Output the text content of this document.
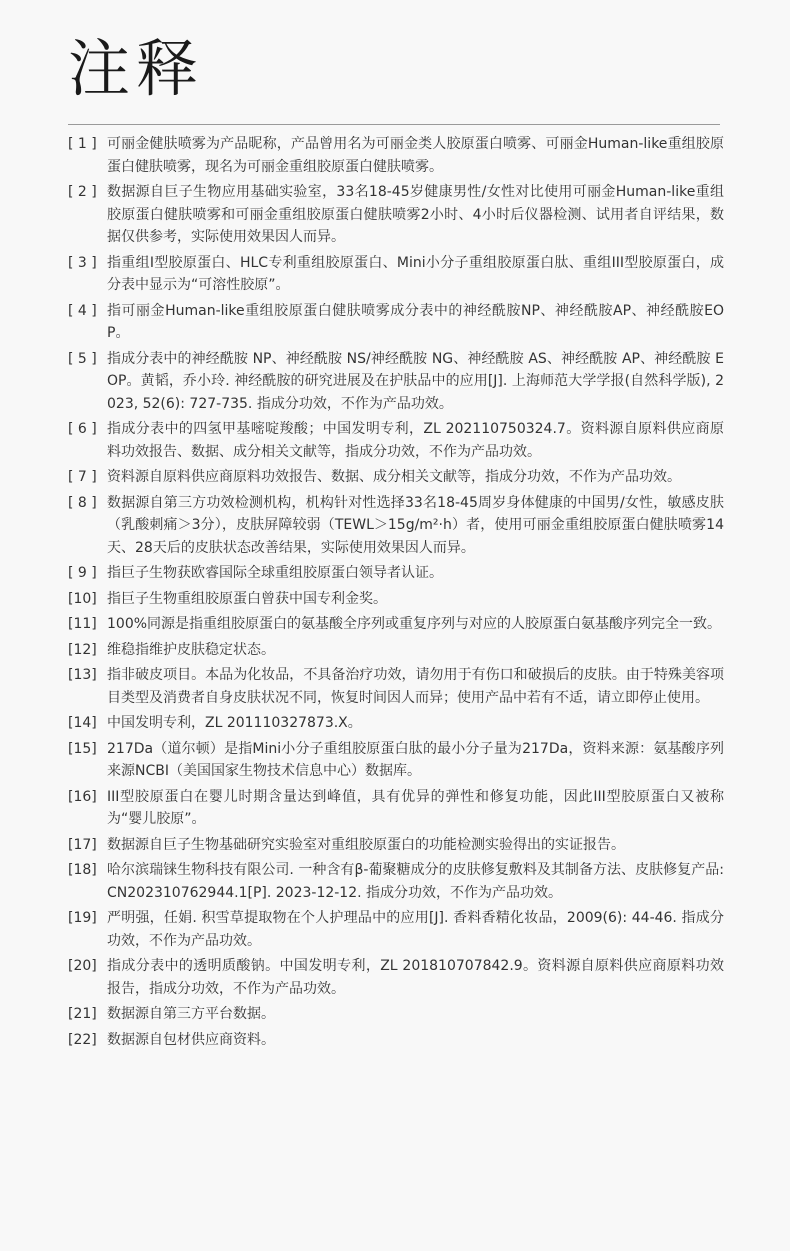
注释
[ 1 ] 可丽金健肤喷雾为产品昵称，产品曾用名为可丽金类人胶原蛋白喷雾、可丽金Human-like重组胶原蛋白健肤喷雾，现名为可丽金重组胶原蛋白健肤喷雾。
[ 2 ] 数据源自巨子生物应用基础实验室，33名18-45岁健康男性/女性对比使用可丽金Human-like重组胶原蛋白健肤喷雾和可丽金重组胶原蛋白健肤喷雾2小时、4小时后仪器检测、试用者自评结果，数据仅供参考，实际使用效果因人而异。
[ 3 ] 指重组I型胶原蛋白、HLC专利重组胶原蛋白、Mini小分子重组胶原蛋白肽、重组III型胶原蛋白，成分表中显示为“可溶性胶原”。
[ 4 ] 指可丽金Human-like重组胶原蛋白健肤喷雾成分表中的神经酰胺NP、神经酰胺AP、神经酰胺EOP。
[ 5 ] 指成分表中的神经酰胺 NP、神经酰胺 NS/神经酰胺 NG、神经酰胺 AS、神经酰胺 AP、神经酰胺 EOP。黄韬，乔小玲. 神经酰胺的研究进展及在护肤品中的应用[J]. 上海师范大学学报(自然科学版), 2023, 52(6): 727-735. 指成分功效，不作为产品功效。
[ 6 ] 指成分表中的四氢甲基嘧啶羧酸；中国发明专利，ZL 202110750324.7。资料源自原料供应商原料功效报告、数据、成分相关文献等，指成分功效，不作为产品功效。
[ 7 ] 资料源自原料供应商原料功效报告、数据、成分相关文献等，指成分功效，不作为产品功效。
[ 8 ] 数据源自第三方功效检测机构，机构针对性选择33名18-45周岁身体健康的中国男/女性，敏感皮肤（乳酸刺痛＞3分），皮肤屏障较弱（TEWL＞15g/m²·h）者，使用可丽金重组胶原蛋白健肤喷雾14天、28天后的皮肤状态改善结果，实际使用效果因人而异。
[ 9 ] 指巨子生物获欧睿国际全球重组胶原蛋白领导者认证。
[10] 指巨子生物重组胶原蛋白曾获中国专利金奖。
[11] 100%同源是指重组胶原蛋白的氨基酸全序列或重复序列与对应的人胶原蛋白氨基酸序列完全一致。
[12] 维稳指维护皮肤稳定状态。
[13] 指非破皮项目。本品为化妆品，不具备治疗功效，请勿用于有伤口和破损后的皮肤。由于特殊美容项目类型及消费者自身皮肤状况不同，恢复时间因人而异；使用产品中若有不适，请立即停止使用。
[14] 中国发明专利，ZL 201110327873.X。
[15] 217Da（道尔顿）是指Mini小分子重组胶原蛋白肽的最小分子量为217Da，资料来源：氨基酸序列来源NCBI（美国国家生物技术信息中心）数据库。
[16] III型胶原蛋白在婴儿时期含量达到峰值，具有优异的弹性和修复功能，因此III型胶原蛋白又被称为“婴儿胶原”。
[17] 数据源自巨子生物基础研究实验室对重组胶原蛋白的功能检测实验得出的实证报告。
[18] 哈尔滨瑞铼生物科技有限公司. 一种含有β-葡聚糖成分的皮肤修复敷料及其制备方法、皮肤修复产品: CN202310762944.1[P]. 2023-12-12. 指成分功效，不作为产品功效。
[19] 严明强，任娟. 积雪草提取物在个人护理品中的应用[J]. 香料香精化妆品，2009(6): 44-46. 指成分功效，不作为产品功效。
[20] 指成分表中的透明质酸钠。中国发明专利，ZL 201810707842.9。资料源自原料供应商原料功效报告，指成分功效，不作为产品功效。
[21] 数据源自第三方平台数据。
[22] 数据源自包材供应商资料。
